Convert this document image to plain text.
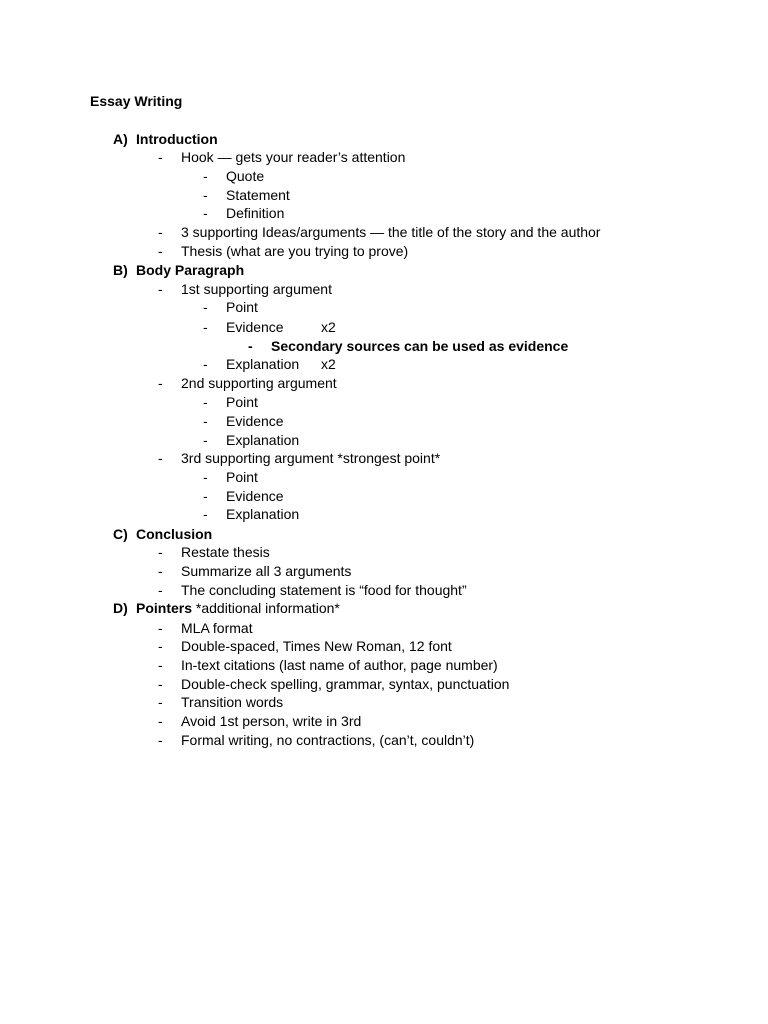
Essay Writing
A) Introduction
- Hook — gets your reader’s attention
- Quote
- Statement
- Definition
- 3 supporting Ideas/arguments — the title of the story and the author
- Thesis (what are you trying to prove)
B) Body Paragraph
- 1st supporting argument
- Point
- Evidence	x2
- Secondary sources can be used as evidence
- Explanation x2
- 2nd supporting argument
- Point
- Evidence
- Explanation
- 3rd supporting argument *strongest point*
- Point
- Evidence
- Explanation
C) Conclusion
- Restate thesis
- Summarize all 3 arguments
- The concluding statement is “food for thought”
D) Pointers *additional information*
- MLA format
- Double-spaced, Times New Roman, 12 font
- In-text citations (last name of author, page number)
- Double-check spelling, grammar, syntax, punctuation
- Transition words
- Avoid 1st person, write in 3rd
- Formal writing, no contractions, (can’t, couldn’t)
